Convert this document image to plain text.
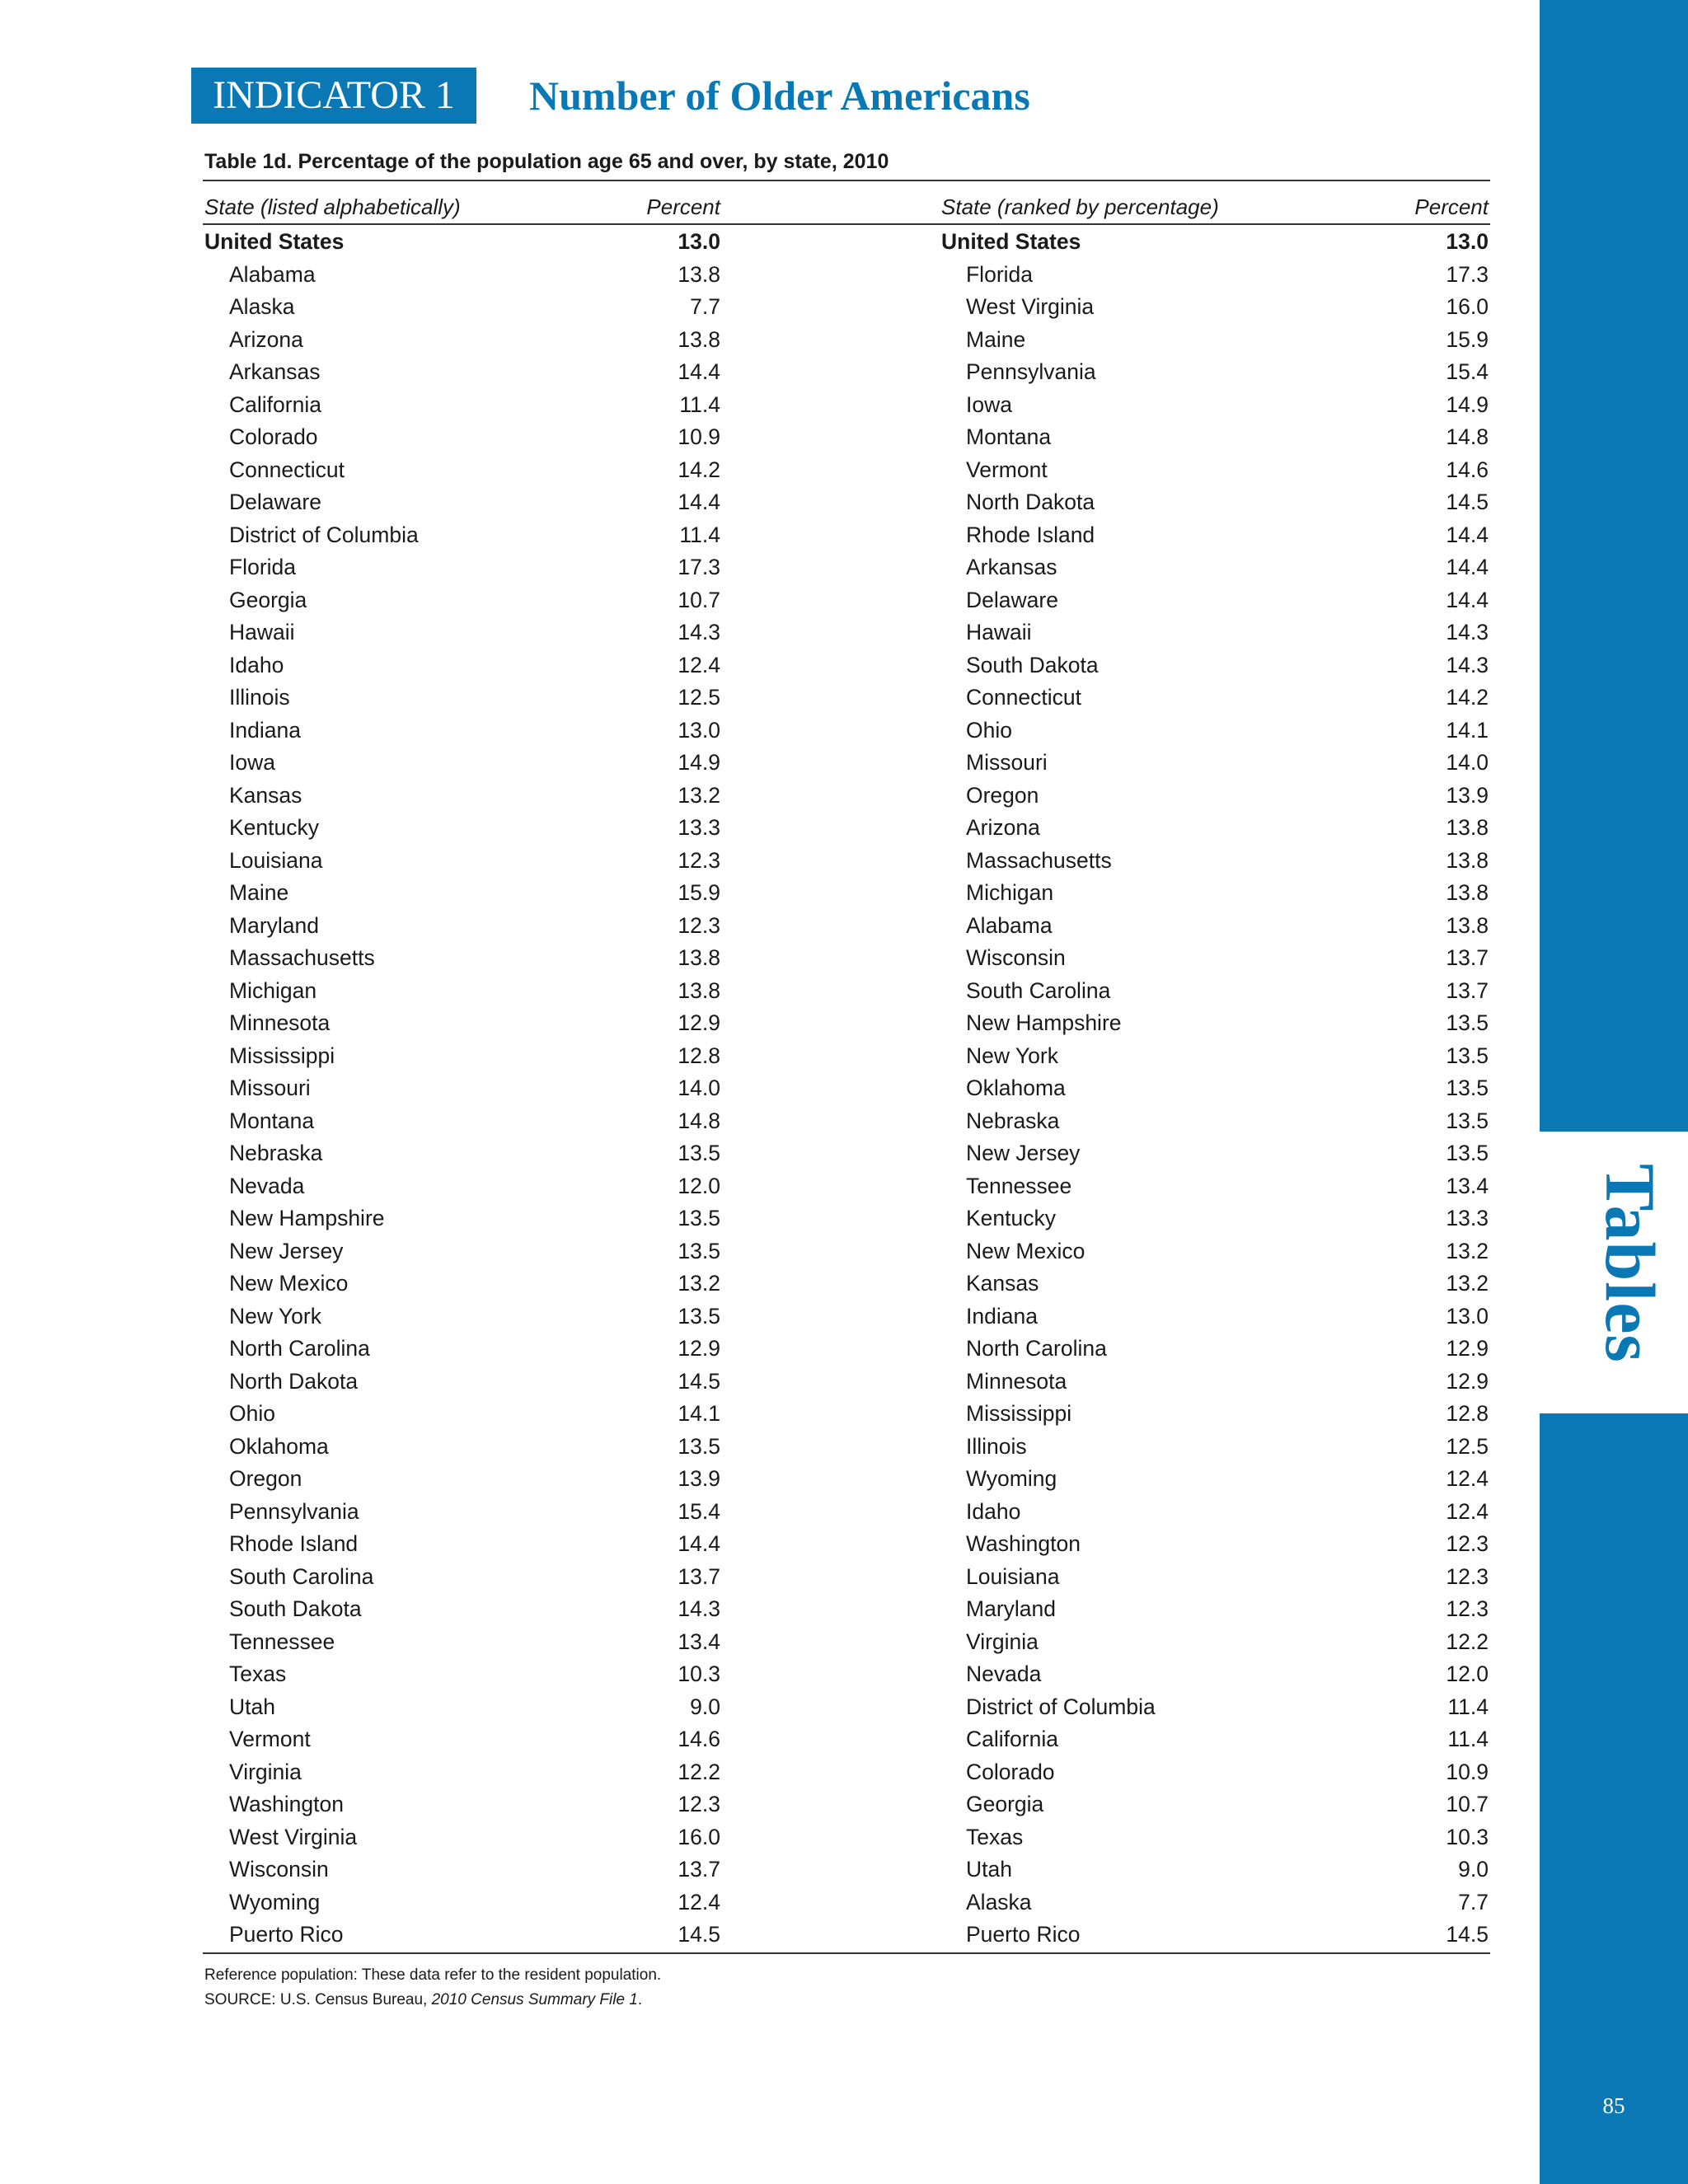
Tables
85
INDICATOR 1	Number of Older Americans
Table 1d. Percentage of the population age 65 and over, by state, 2010
State (listed alphabetically)	Percent	State (ranked by percentage)	Percent
United States	13.0	United States	13.0
Alabama	13.8	Florida	17.3
Alaska	7.7	West Virginia	16.0
Arizona	13.8	Maine	15.9
Arkansas	14.4	Pennsylvania	15.4
California	11.4	Iowa	14.9
Colorado	10.9	Montana	14.8
Connecticut	14.2	Vermont	14.6
Delaware	14.4	North Dakota	14.5
District of Columbia	11.4	Rhode Island	14.4
Florida	17.3	Arkansas	14.4
Georgia	10.7	Delaware	14.4
Hawaii	14.3	Hawaii	14.3
Idaho	12.4	South Dakota	14.3
Illinois	12.5	Connecticut	14.2
Indiana	13.0	Ohio	14.1
Iowa	14.9	Missouri	14.0
Kansas	13.2	Oregon	13.9
Kentucky	13.3	Arizona	13.8
Louisiana	12.3	Massachusetts	13.8
Maine	15.9	Michigan	13.8
Maryland	12.3	Alabama	13.8
Massachusetts	13.8	Wisconsin	13.7
Michigan	13.8	South Carolina	13.7
Minnesota	12.9	New Hampshire	13.5
Mississippi	12.8	New York	13.5
Missouri	14.0	Oklahoma	13.5
Montana	14.8	Nebraska	13.5
Nebraska	13.5	New Jersey	13.5
Nevada	12.0	Tennessee	13.4
New Hampshire	13.5	Kentucky	13.3
New Jersey	13.5	New Mexico	13.2
New Mexico	13.2	Kansas	13.2
New York	13.5	Indiana	13.0
North Carolina	12.9	North Carolina	12.9
North Dakota	14.5	Minnesota	12.9
Ohio	14.1	Mississippi	12.8
Oklahoma	13.5	Illinois	12.5
Oregon	13.9	Wyoming	12.4
Pennsylvania	15.4	Idaho	12.4
Rhode Island	14.4	Washington	12.3
South Carolina	13.7	Louisiana	12.3
South Dakota	14.3	Maryland	12.3
Tennessee	13.4	Virginia	12.2
Texas	10.3	Nevada	12.0
Utah	9.0	District of Columbia	11.4
Vermont	14.6	California	11.4
Virginia	12.2	Colorado	10.9
Washington	12.3	Georgia	10.7
West Virginia	16.0	Texas	10.3
Wisconsin	13.7	Utah	9.0
Wyoming	12.4	Alaska	7.7
Puerto Rico	14.5	Puerto Rico	14.5
Reference population: These data refer to the resident population.
SOURCE: U.S. Census Bureau, 2010 Census Summary File 1.
